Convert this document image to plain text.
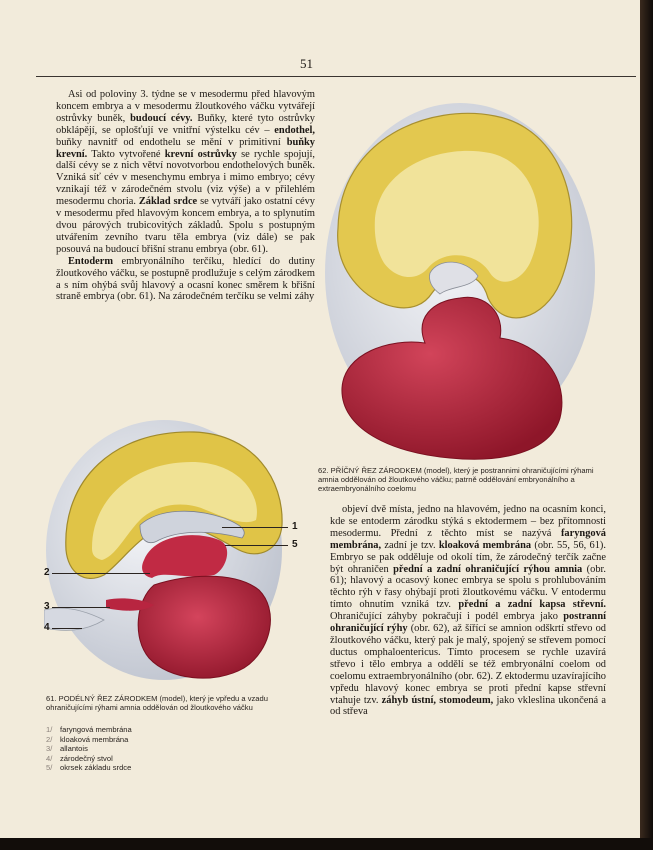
51

Asi od poloviny 3. týdne se v mesodermu před hlavovým koncem embrya a v mesodermu žloutkového váčku vytvářejí ostrůvky buněk, budoucí cévy. Buňky, které tyto ostrůvky obklápějí, se oplošťují ve vnitřní výstelku cév – endothel, buňky navnitř od endothelu se mění v primitivní buňky krevní. Takto vytvořené krevní ostrůvky se rychle spojují, další cévy se z nich větví novotvorbou endothelových buněk. Vzniká síť cév v mesenchymu embrya i mimo embryo; cévy vznikají též v zárodečném stvolu (viz výše) a v přilehlém mesodermu choria. Základ srdce se vytváří jako ostatní cévy v mesodermu před hlavovým koncem embrya, a to splynutím dvou párových trubicovitých základů. Spolu s postupným utvářením zevního tvaru těla embrya (viz dále) se pak posouvá na budoucí břišní stranu embrya (obr. 61).

Entoderm embryonálního terčíku, hledící do dutiny žloutkového váčku, se postupně prodlužuje s celým zárodkem a s ním ohýbá svůj hlavový a ocasní konec směrem k břišní straně embrya (obr. 61). Na zárodečném terčíku se velmi záhy

62. PŘÍČNÝ ŘEZ ZÁRODKEM (model), který je postrannimi ohraničujícími rýhami amnia oddělován od žloutkového váčku; patrně oddělování embryonálního a extraembryonálního coelomu
1
5
2
3
4
61. PODÉLNÝ ŘEZ ZÁRODKEM (model), který je vpředu a vzadu ohraničujícími rýhami amnia oddělován od žloutkového váčku
1/ faryngová membrána
2/ kloaková membrána
3/ allantois
4/ zárodečný stvol
5/ okrsek základu srdce

objeví dvě místa, jedno na hlavovém, jedno na ocasním konci, kde se entoderm zárodku stýká s ektodermem – bez přítomnosti mesodermu. Přední z těchto míst se nazývá faryngová membrána, zadní je tzv. kloaková membrána (obr. 55, 56, 61). Embryo se pak odděluje od okolí tím, že zárodečný terčík začne být ohraničen přední a zadní ohraničující rýhou amnia (obr. 61); hlavový a ocasový konec embrya se spolu s prohlubováním těchto rýh v řasy ohýbají proti žloutkovému váčku. V entodermu tímto ohnutím vzniká tzv. přední a zadní kapsa střevní. Ohraničující záhyby pokračují i podél embrya jako postranní ohraničující rýhy (obr. 62), až šířící se amnion odškrtí střevo od žloutkového váčku, který pak je malý, spojený se střevem pomocí ductus omphaloentericus. Tímto procesem se rychle uzavírá střevo i tělo embrya a oddělí se též embryonální coelom od coelomu extraembryonálního (obr. 62). Z ektodermu uzavírajícího vpředu hlavový konec embrya se proti přední kapse střevní vtahuje tzv. záhyb ústní, stomodeum, jako vkleslina ukončená a od střeva
